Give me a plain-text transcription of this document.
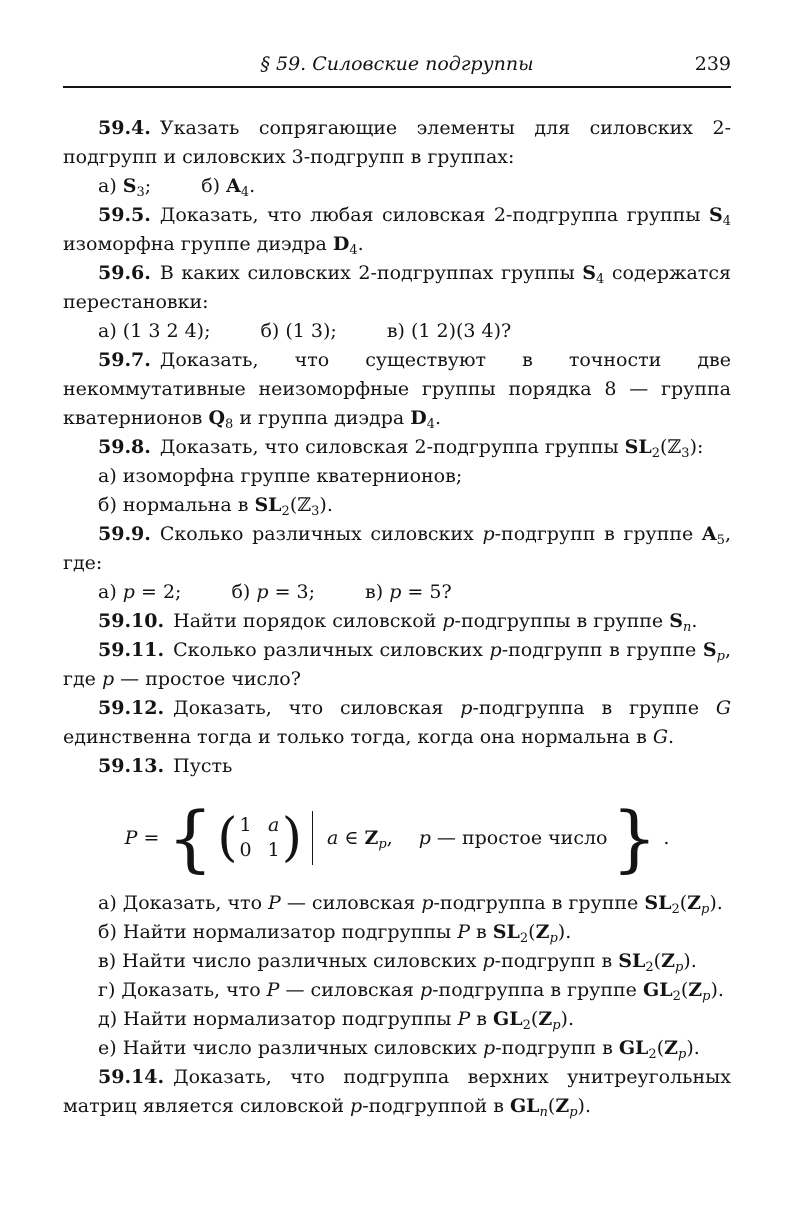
§ 59. Силовские подгруппы	239

59.4. Указать сопрягающие элементы для силовских 2-подгрупп и силовских 3-подгрупп в группах:

а) $S_3$;	б) $A_4$.

59.5. Доказать, что любая силовская 2-подгруппа группы $S_4$ изоморфна группе диэдра $D_4$.

59.6. В каких силовских 2-подгруппах группы $S_4$ содержатся перестановки:

а) (1 3 2 4);	б) (1 3);	в) (1 2)(3 4)?

59.7. Доказать, что существуют в точности две некоммутативные неизоморфные группы порядка 8 — группа кватернионов $Q_8$ и группа диэдра $D_4$.

59.8. Доказать, что силовская 2-подгруппа группы $SL_2(ℤ_3)$:

а) изоморфна группе кватернионов;

б) нормальна в $SL_2(ℤ_3)$.

59.9. Сколько различных силовских p-подгрупп в группе $A_5$, где:

а) p = 2;	б) p = 3;	в) p = 5?

59.10. Найти порядок силовской p-подгруппы в группе $S_n$.

59.11. Сколько различных силовских p-подгрупп в группе $S_p$, где p — простое число?

59.12. Доказать, что силовская p-подгруппа в группе G единственна тогда и только тогда, когда она нормальна в G.

59.13. Пусть

P = { ( 1 a
0 1 ) a ∈ $Z_p$, p — простое число } .

а) Доказать, что P — силовская p-подгруппа в группе $SL_2(Z_p)$.

б) Найти нормализатор подгруппы P в $SL_2(Z_p)$.

в) Найти число различных силовских p-подгрупп в $SL_2(Z_p)$.

г) Доказать, что P — силовская p-подгруппа в группе $GL_2(Z_p)$.

д) Найти нормализатор подгруппы P в $GL_2(Z_p)$.

е) Найти число различных силовских p-подгрупп в $GL_2(Z_p)$.

59.14. Доказать, что подгруппа верхних унитреугольных матриц является силовской p-подгруппой в $GL_n(Z_p)$.
